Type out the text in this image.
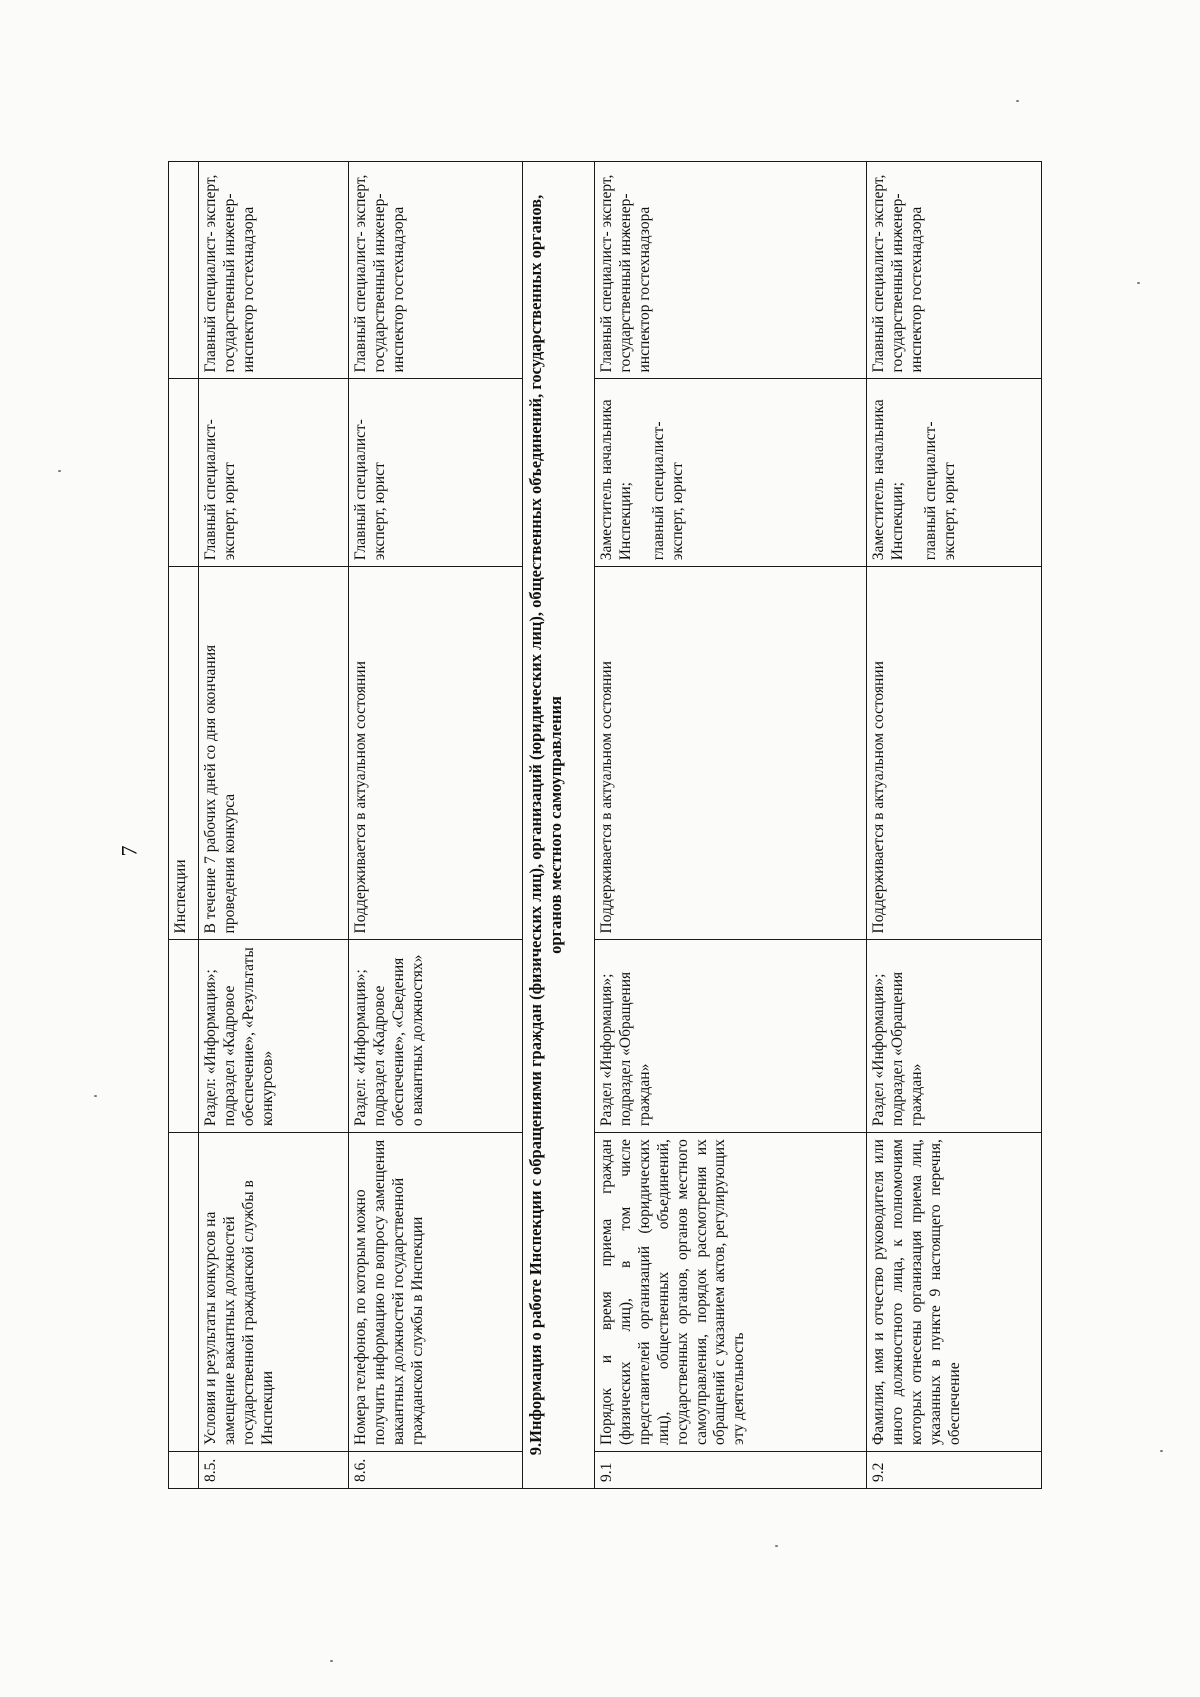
7
			Инспекции		
8.5.	Условия и результаты конкурсов на замещение вакантных должностей государственной гражданской службы в Инспекции	Раздел: «Информация»; подраздел «Кадровое обеспечение», «Результаты конкурсов»	В течение 7 рабочих дней со дня окончания проведения конкурса	Главный специалист-эксперт, юрист	Главный специалист- эксперт, государственный инженер-инспектор гостехнадзора
8.6.	Номера телефонов, по которым можно получить информацию по вопросу замещения вакантных должностей государственной гражданской службы в Инспекции	Раздел: «Информация»; подраздел «Кадровое обеспечение», «Сведения о вакантных должностях»	Поддерживается в актуальном состоянии	Главный специалист-эксперт, юрист	Главный специалист- эксперт, государственный инженер-инспектор гостехнадзора
9.Информация о работе Инспекции с обращениями граждан (физических лиц), организаций (юридических лиц), общественных объединений, государственных органов, органов местного самоуправления					
9.1	Порядок и время приема граждан (физических лиц), в том числе представителей организаций (юридических лиц), общественных объединений, государственных органов, органов местного самоуправления, порядок рассмотрения их обращений с указанием актов, регулирующих эту деятельность	Раздел «Информация»; подраздел «Обращения граждан»	Поддерживается в актуальном состоянии	Заместитель начальника Инспекции; главный специалист-эксперт, юрист	Главный специалист- эксперт, государственный инженер-инспектор гостехнадзора
9.2	Фамилия, имя и отчество руководителя или иного должностного лица, к полномочиям которых отнесены организация приема лиц, указанных в пункте 9 настоящего перечня, обеспечение	Раздел «Информация»; подраздел «Обращения граждан»	Поддерживается в актуальном состоянии	Заместитель начальника Инспекции; главный специалист-эксперт, юрист	Главный специалист- эксперт, государственный инженер-инспектор гостехнадзора
